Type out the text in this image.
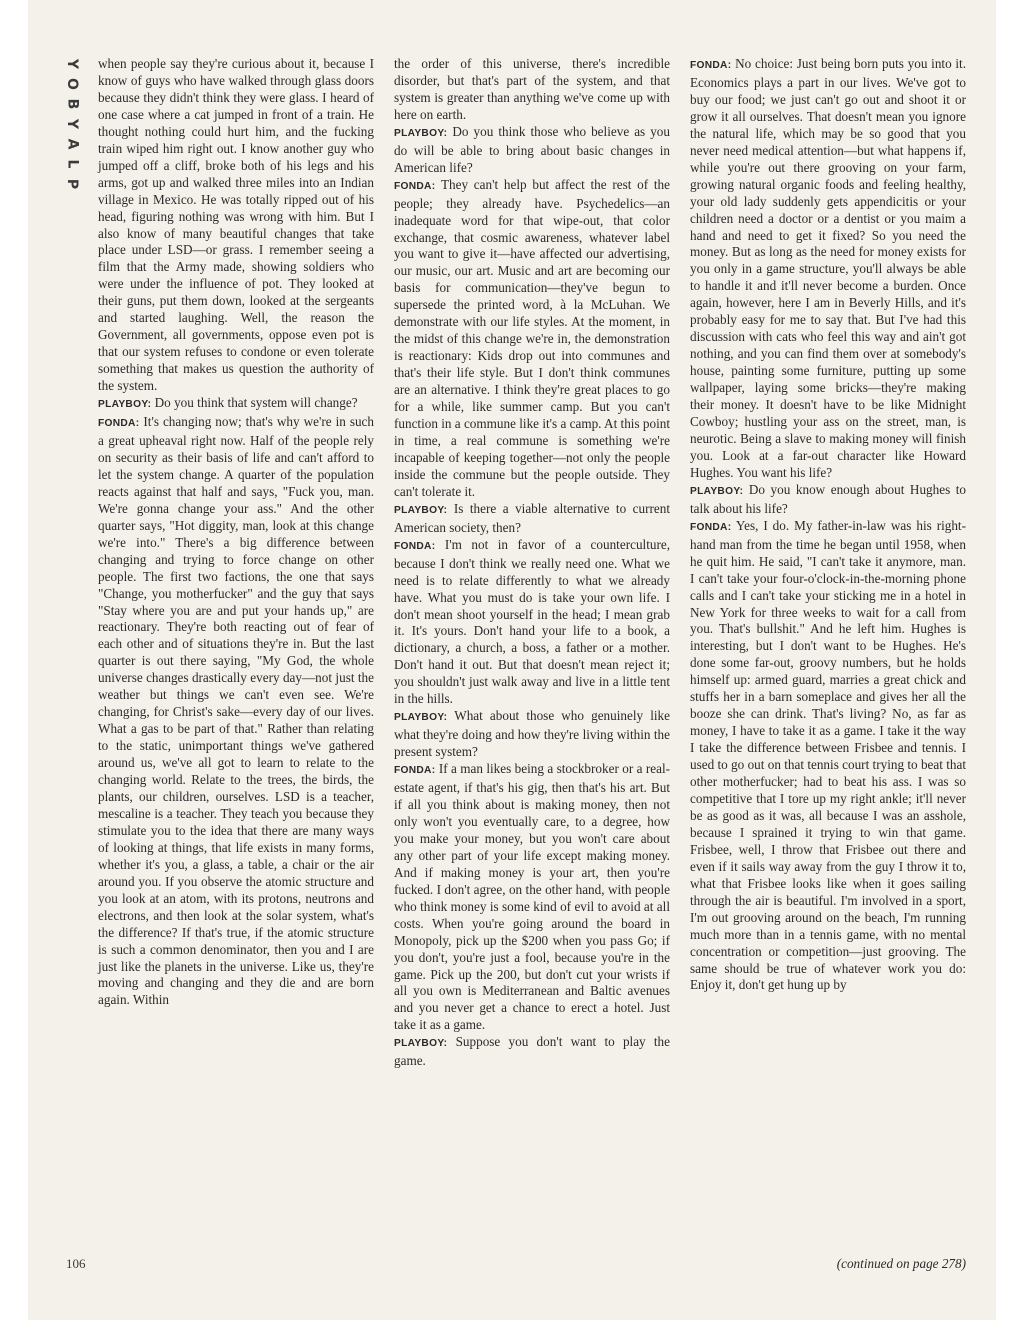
Y
O
B
Y
A
L
P

when people say they're curious about it, because I know of guys who have walked through glass doors because they didn't think they were glass. I heard of one case where a cat jumped in front of a train. He thought nothing could hurt him, and the fucking train wiped him right out. I know another guy who jumped off a cliff, broke both of his legs and his arms, got up and walked three miles into an Indian village in Mexico. He was totally ripped out of his head, figuring nothing was wrong with him. But I also know of many beautiful changes that take place under LSD—or grass. I remember seeing a film that the Army made, showing soldiers who were under the influence of pot. They looked at their guns, put them down, looked at the sergeants and started laughing. Well, the reason the Government, all governments, oppose even pot is that our system refuses to condone or even tolerate something that makes us question the authority of the system.

PLAYBOY: Do you think that system will change?

FONDA: It's changing now; that's why we're in such a great upheaval right now. Half of the people rely on security as their basis of life and can't afford to let the system change. A quarter of the population reacts against that half and says, "Fuck you, man. We're gonna change your ass." And the other quarter says, "Hot diggity, man, look at this change we're into." There's a big difference between changing and trying to force change on other people. The first two factions, the one that says "Change, you motherfucker" and the guy that says "Stay where you are and put your hands up," are reactionary. They're both reacting out of fear of each other and of situations they're in. But the last quarter is out there saying, "My God, the whole universe changes drastically every day—not just the weather but things we can't even see. We're changing, for Christ's sake—every day of our lives. What a gas to be part of that." Rather than relating to the static, unimportant things we've gathered around us, we've all got to learn to relate to the changing world. Relate to the trees, the birds, the plants, our children, ourselves. LSD is a teacher, mescaline is a teacher. They teach you because they stimulate you to the idea that there are many ways of looking at things, that life exists in many forms, whether it's you, a glass, a table, a chair or the air around you. If you observe the atomic structure and you look at an atom, with its protons, neutrons and electrons, and then look at the solar system, what's the difference? If that's true, if the atomic structure is such a common denominator, then you and I are just like the planets in the universe. Like us, they're moving and changing and they die and are born again. Within

the order of this universe, there's incredible disorder, but that's part of the system, and that system is greater than anything we've come up with here on earth.

PLAYBOY: Do you think those who believe as you do will be able to bring about basic changes in American life?

FONDA: They can't help but affect the rest of the people; they already have. Psychedelics—an inadequate word for that wipe-out, that color exchange, that cosmic awareness, whatever label you want to give it—have affected our advertising, our music, our art. Music and art are becoming our basis for communication—they've begun to supersede the printed word, à la McLuhan. We demonstrate with our life styles. At the moment, in the midst of this change we're in, the demonstration is reactionary: Kids drop out into communes and that's their life style. But I don't think communes are an alternative. I think they're great places to go for a while, like summer camp. But you can't function in a commune like it's a camp. At this point in time, a real commune is something we're incapable of keeping together—not only the people inside the commune but the people outside. They can't tolerate it.

PLAYBOY: Is there a viable alternative to current American society, then?

FONDA: I'm not in favor of a counterculture, because I don't think we really need one. What we need is to relate differently to what we already have. What you must do is take your own life. I don't mean shoot yourself in the head; I mean grab it. It's yours. Don't hand your life to a book, a dictionary, a church, a boss, a father or a mother. Don't hand it out. But that doesn't mean reject it; you shouldn't just walk away and live in a little tent in the hills.

PLAYBOY: What about those who genuinely like what they're doing and how they're living within the present system?

FONDA: If a man likes being a stockbroker or a real-estate agent, if that's his gig, then that's his art. But if all you think about is making money, then not only won't you eventually care, to a degree, how you make your money, but you won't care about any other part of your life except making money. And if making money is your art, then you're fucked. I don't agree, on the other hand, with people who think money is some kind of evil to avoid at all costs. When you're going around the board in Monopoly, pick up the $200 when you pass Go; if you don't, you're just a fool, because you're in the game. Pick up the 200, but don't cut your wrists if all you own is Mediterranean and Baltic avenues and you never get a chance to erect a hotel. Just take it as a game.

PLAYBOY: Suppose you don't want to play the game.

FONDA: No choice: Just being born puts you into it. Economics plays a part in our lives. We've got to buy our food; we just can't go out and shoot it or grow it all ourselves. That doesn't mean you ignore the natural life, which may be so good that you never need medical attention—but what happens if, while you're out there grooving on your farm, growing natural organic foods and feeling healthy, your old lady suddenly gets appendicitis or your children need a doctor or a dentist or you maim a hand and need to get it fixed? So you need the money. But as long as the need for money exists for you only in a game structure, you'll always be able to handle it and it'll never become a burden. Once again, however, here I am in Beverly Hills, and it's probably easy for me to say that. But I've had this discussion with cats who feel this way and ain't got nothing, and you can find them over at somebody's house, painting some furniture, putting up some wallpaper, laying some bricks—they're making their money. It doesn't have to be like Midnight Cowboy; hustling your ass on the street, man, is neurotic. Being a slave to making money will finish you. Look at a far-out character like Howard Hughes. You want his life?

PLAYBOY: Do you know enough about Hughes to talk about his life?

FONDA: Yes, I do. My father-in-law was his right-hand man from the time he began until 1958, when he quit him. He said, "I can't take it anymore, man. I can't take your four-o'clock-in-the-morning phone calls and I can't take your sticking me in a hotel in New York for three weeks to wait for a call from you. That's bullshit." And he left him. Hughes is interesting, but I don't want to be Hughes. He's done some far-out, groovy numbers, but he holds himself up: armed guard, marries a great chick and stuffs her in a barn someplace and gives her all the booze she can drink. That's living? No, as far as money, I have to take it as a game. I take it the way I take the difference between Frisbee and tennis. I used to go out on that tennis court trying to beat that other motherfucker; had to beat his ass. I was so competitive that I tore up my right ankle; it'll never be as good as it was, all because I was an asshole, because I sprained it trying to win that game. Frisbee, well, I throw that Frisbee out there and even if it sails way away from the guy I throw it to, what that Frisbee looks like when it goes sailing through the air is beautiful. I'm involved in a sport, I'm out grooving around on the beach, I'm running much more than in a tennis game, with no mental concentration or competition—just grooving. The same should be true of whatever work you do: Enjoy it, don't get hung up by

106	(continued on page 278)
